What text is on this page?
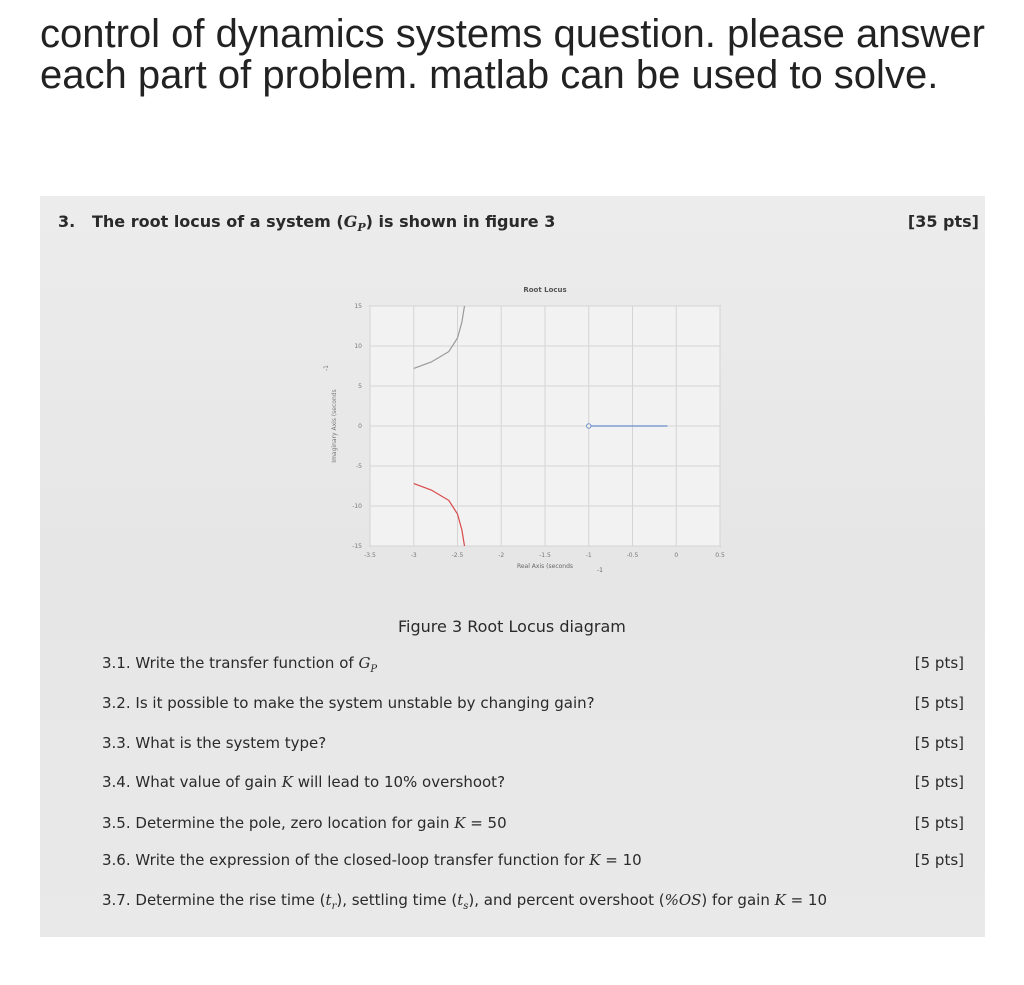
control of dynamics systems question. please answer each part of problem. matlab can be used to solve.
3. The root locus of a system $(G_P)$ is shown in figure 3	[35 pts]
-3.5	-3	-2.5	-2	-1.5	-1	-0.5	0	0.5
15
10
5
0
-5
-10
-15
Root Locus
Real Axis (seconds
-1
Imaginary Axis (seconds
-1
Figure 3 Root Locus diagram
3.1. Write the transfer function of $G_P$	[5 pts]
3.2. Is it possible to make the system unstable by changing gain?	[5 pts]
3.3. What is the system type?	[5 pts]
3.4. What value of gain K will lead to 10% overshoot?	[5 pts]
3.5. Determine the pole, zero location for gain K = 50	[5 pts]
3.6. Write the expression of the closed-loop transfer function for K = 10	[5 pts]
3.7. Determine the rise time $(t_r)$, settling time $(t_s)$, and percent overshoot (%OS) for gain K = 10
